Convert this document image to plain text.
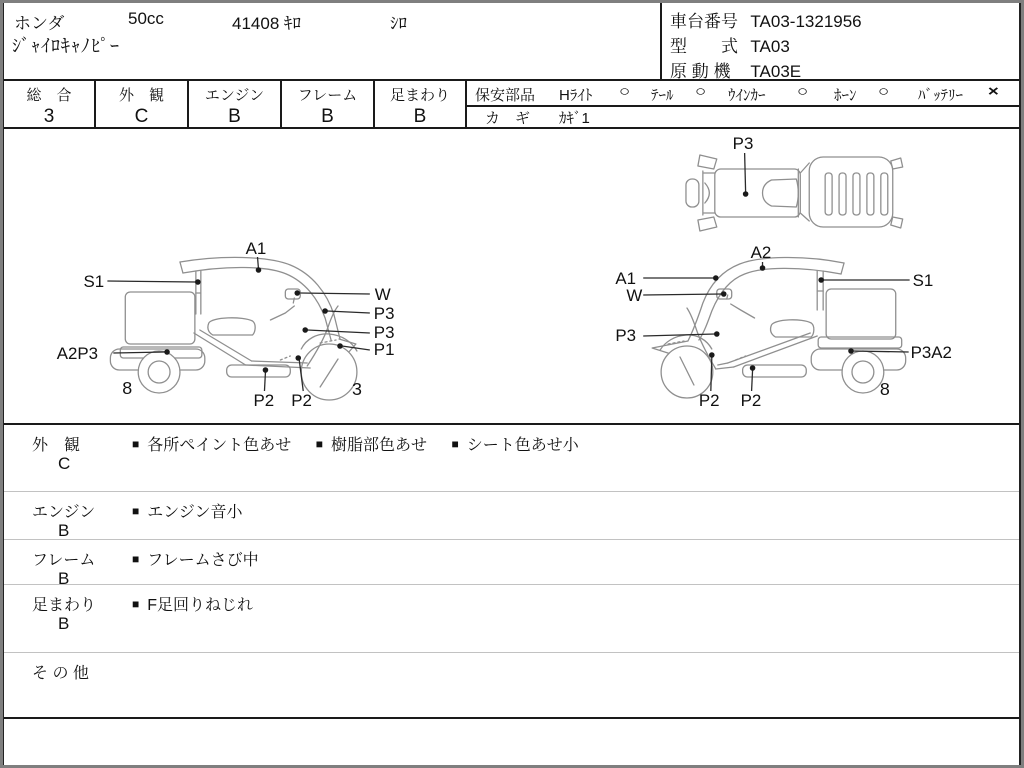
ホンダ	50cc	41408 ｷﾛ	ｼﾛ
ｼﾞｬｲﾛｷｬﾉﾋﾟｰ
車台番号 TA03-1321956
型　　式 TA03
原 動 機 TA03E
総　合
3
外　観
C
エンジン
B
フレーム
B
足まわり
B
保安部品 Hﾗｲﾄ ○ ﾃｰﾙ ○ ｳｲﾝｶｰ ○ ﾎｰﾝ ○ ﾊﾞｯﾃﾘｰ ×
カ　ギ ｶｷﾞ1
P3
A1
S1
W
P3
P3
P1
A2P3
P2 P2
8	3
A2
A1
W
P3
S1
P3A2
P2 P2
8
外　観
C
■ 各所ペイント色あせ ■ 樹脂部色あせ ■ シート色あせ小
エンジン
B
■ エンジン音小
フレーム
B
■ フレームさび中
足まわり
B
■ F足回りねじれ
そ の 他
